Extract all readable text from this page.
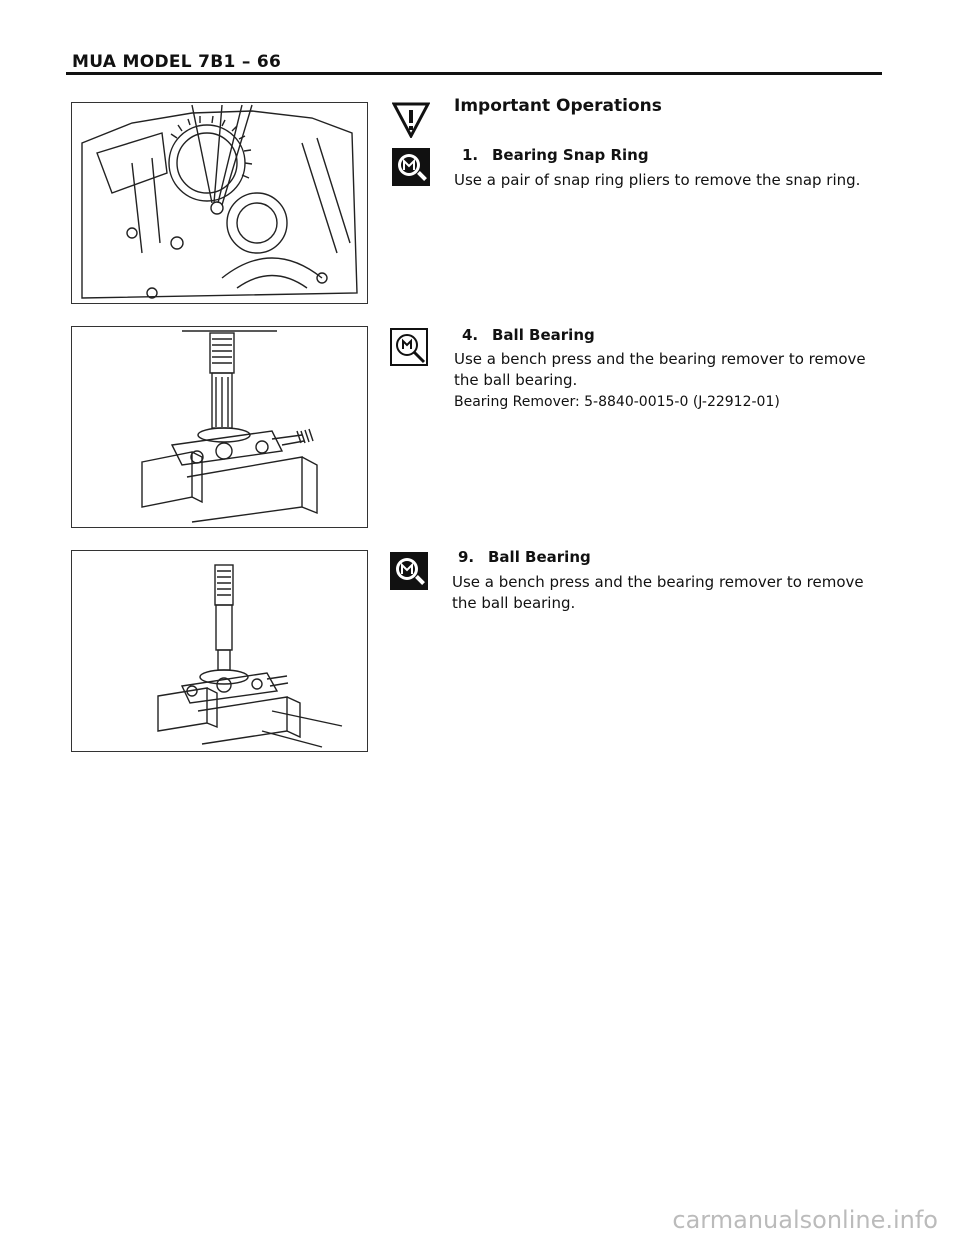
MUA MODEL 7B1 – 66
Important Operations
1. Bearing Snap Ring
Use a pair of snap ring pliers to remove the snap ring.
4. Ball Bearing
Use a bench press and the bearing remover to remove the ball bearing.
Bearing Remover: 5-8840-0015-0 (J-22912-01)
9. Ball Bearing
Use a bench press and the bearing remover to remove the ball bearing.
carmanualsonline.info
